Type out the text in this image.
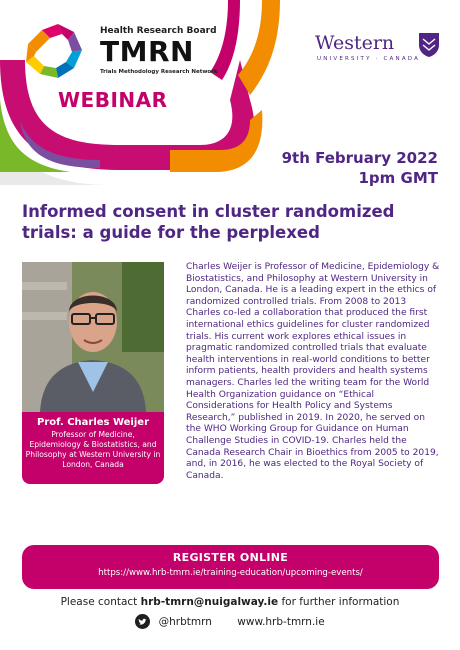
Health Research Board
TMRN
Trials Methodology Research Network
WEBINAR
Western
UNIVERSITY · CANADA
9th February 2022
1pm GMT
Informed consent in cluster randomized trials: a guide for the perplexed
Prof. Charles Weijer
Professor of Medicine, Epidemiology & Biostatistics, and Philosophy at Western University in London, Canada
Charles Weijer is Professor of Medicine, Epidemiology & Biostatistics, and Philosophy at Western University in London, Canada. He is a leading expert in the ethics of randomized controlled trials. From 2008 to 2013 Charles co-led a collaboration that produced the first international ethics guidelines for cluster randomized trials. His current work explores ethical issues in pragmatic randomized controlled trials that evaluate health interventions in real-world conditions to better inform patients, health providers and health systems managers. Charles led the writing team for the World Health Organization guidance on “Ethical Considerations for Health Policy and Systems Research,” published in 2019. In 2020, he served on the WHO Working Group for Guidance on Human Challenge Studies in COVID-19. Charles held the Canada Research Chair in Bioethics from 2005 to 2019, and, in 2016, he was elected to the Royal Society of Canada.
REGISTER ONLINE
https://www.hrb-tmrn.ie/training-education/upcoming-events/
Please contact hrb-tmrn@nuigalway.ie for further information
@hrbtmrn www.hrb-tmrn.ie
